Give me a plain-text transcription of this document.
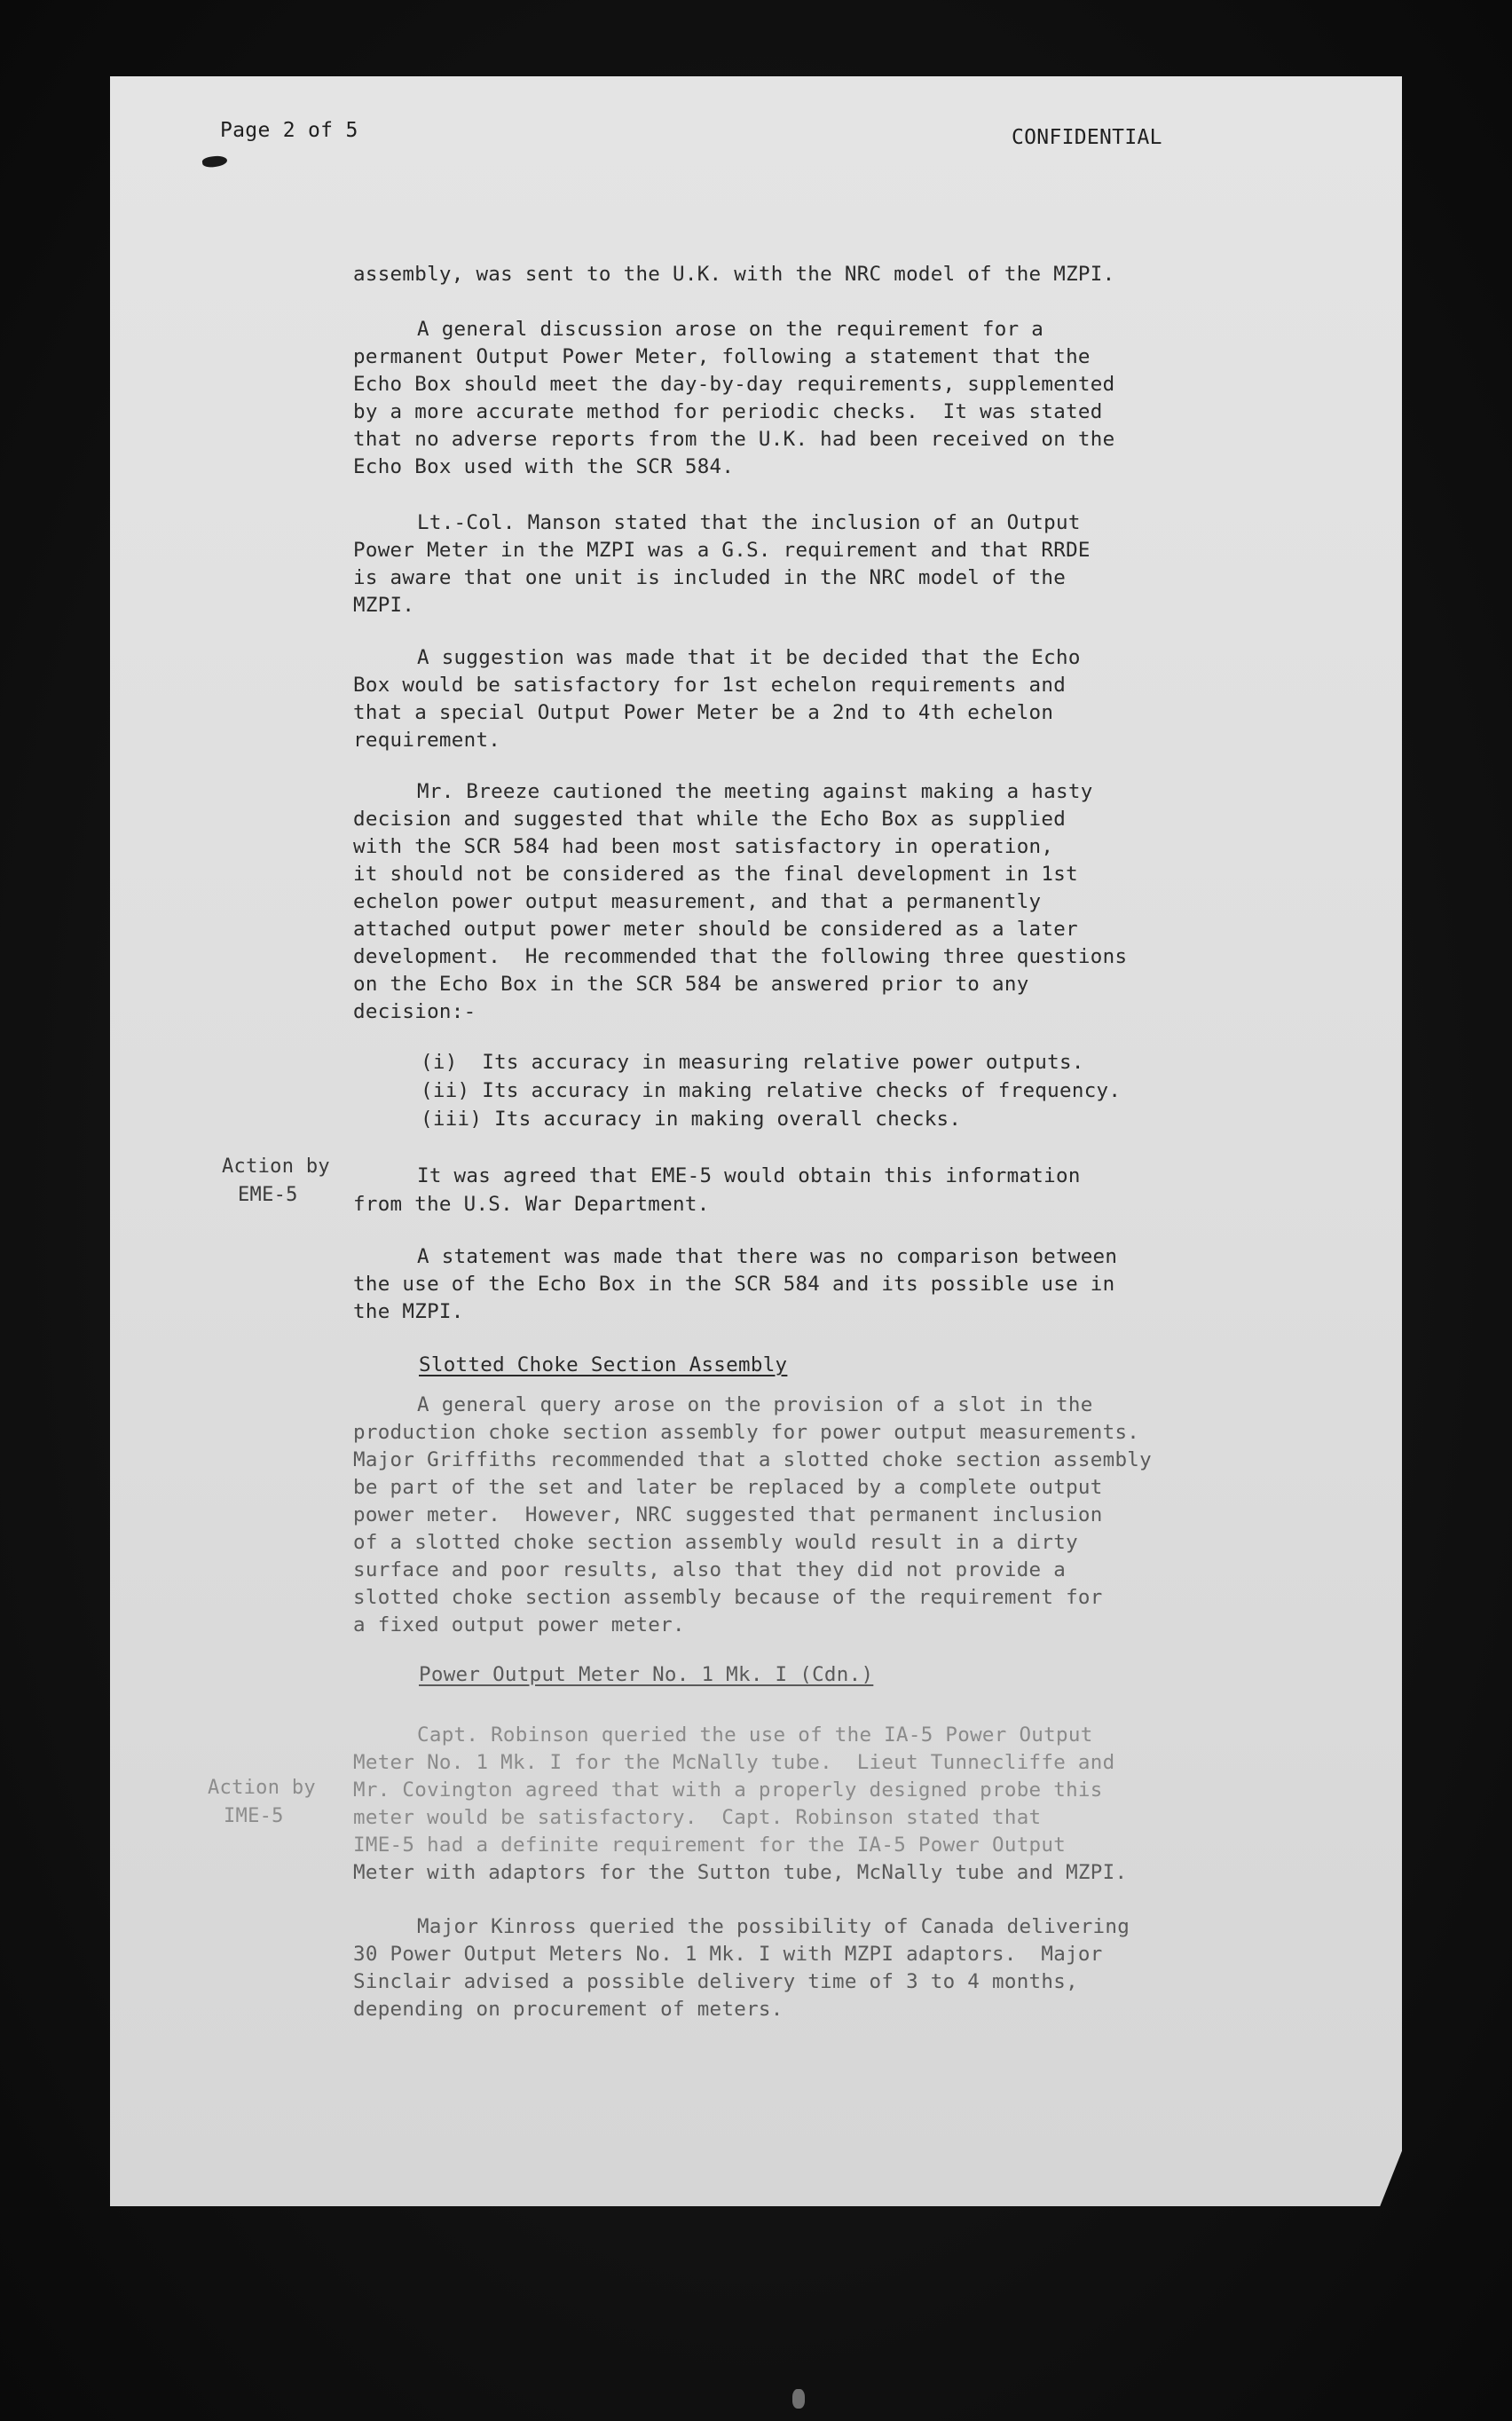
Page 2 of 5	CONFIDENTIAL
assembly, was sent to the U.K. with the NRC model of the MZPI.
A general discussion arose on the requirement for a
permanent Output Power Meter, following a statement that the
Echo Box should meet the day-by-day requirements, supplemented
by a more accurate method for periodic checks.  It was stated
that no adverse reports from the U.K. had been received on the
Echo Box used with the SCR 584.
Lt.-Col. Manson stated that the inclusion of an Output
Power Meter in the MZPI was a G.S. requirement and that RRDE
is aware that one unit is included in the NRC model of the
MZPI.
A suggestion was made that it be decided that the Echo
Box would be satisfactory for 1st echelon requirements and
that a special Output Power Meter be a 2nd to 4th echelon
requirement.
Mr. Breeze cautioned the meeting against making a hasty
decision and suggested that while the Echo Box as supplied
with the SCR 584 had been most satisfactory in operation,
it should not be considered as the final development in 1st
echelon power output measurement, and that a permanently
attached output power meter should be considered as a later
development.  He recommended that the following three questions
on the Echo Box in the SCR 584 be answered prior to any
decision:-
(i)  Its accuracy in measuring relative power outputs.
(ii) Its accuracy in making relative checks of frequency.
(iii) Its accuracy in making overall checks.
Action by
EME-5
It was agreed that EME-5 would obtain this information
from the U.S. War Department.
A statement was made that there was no comparison between
the use of the Echo Box in the SCR 584 and its possible use in
the MZPI.
Slotted Choke Section Assembly
A general query arose on the provision of a slot in the
production choke section assembly for power output measurements.
Major Griffiths recommended that a slotted choke section assembly
be part of the set and later be replaced by a complete output
power meter.  However, NRC suggested that permanent inclusion
of a slotted choke section assembly would result in a dirty
surface and poor results, also that they did not provide a
slotted choke section assembly because of the requirement for
a fixed output power meter.
Power Output Meter No. 1 Mk. I (Cdn.)
Action by
IME-5
Capt. Robinson queried the use of the IA-5 Power Output
Meter No. 1 Mk. I for the McNally tube.  Lieut Tunnecliffe and
Mr. Covington agreed that with a properly designed probe this
meter would be satisfactory.  Capt. Robinson stated that
IME-5 had a definite requirement for the IA-5 Power Output
Meter with adaptors for the Sutton tube, McNally tube and MZPI.
Major Kinross queried the possibility of Canada delivering
30 Power Output Meters No. 1 Mk. I with MZPI adaptors.  Major
Sinclair advised a possible delivery time of 3 to 4 months,
depending on procurement of meters.
